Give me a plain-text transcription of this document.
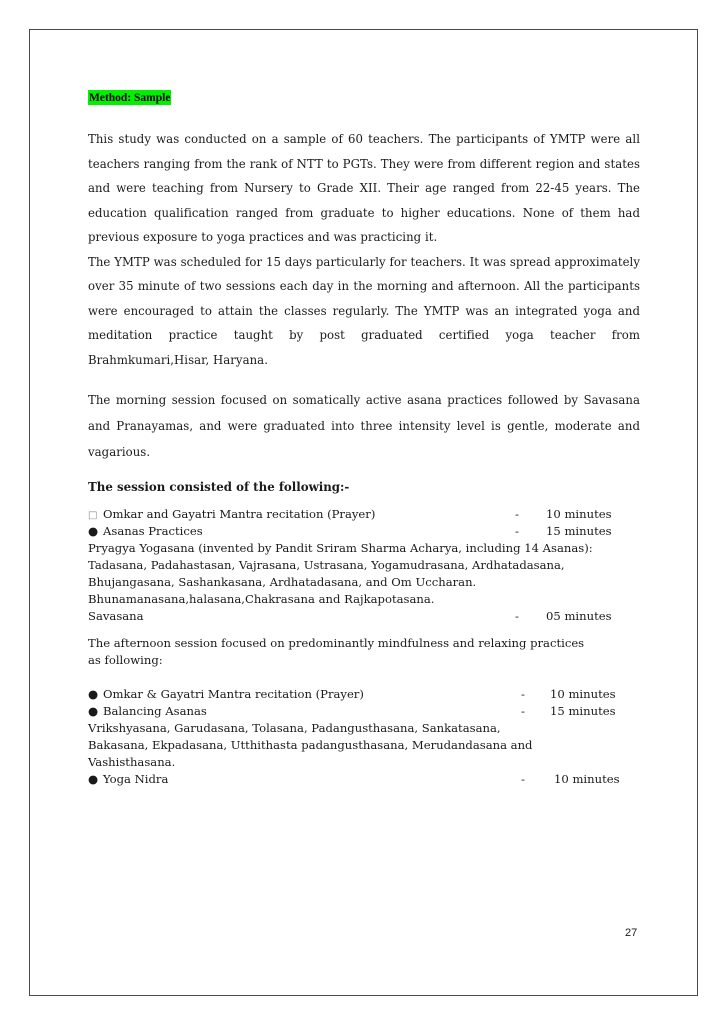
Method: Sample

This study was conducted on a sample of 60 teachers. The participants of YMTP were all teachers ranging from the rank of NTT to PGTs. They were from different region and states and were teaching from Nursery to Grade XII. Their age ranged from 22-45 years. The education qualification ranged from graduate to higher educations. None of them had previous exposure to yoga practices and was practicing it.

The YMTP was scheduled for 15 days particularly for teachers. It was spread approximately over 35 minute of two sessions each day in the morning and afternoon. All the participants were encouraged to attain the classes regularly. The YMTP was an integrated yoga and meditation practice taught by post graduated certified yoga teacher from Brahmkumari,Hisar, Haryana.

The morning session focused on somatically active asana practices followed by Savasana and Pranayamas, and were graduated into three intensity level is gentle, moderate and vagarious.

The session consisted of the following:-

□ Omkar and Gayatri Mantra recitation (Prayer)	- 10 minutes
● Asanas Practices	- 15 minutes

Pryagya Yogasana (invented by Pandit Sriram Sharma Acharya, including 14 Asanas):

Tadasana, Padahastasan, Vajrasana, Ustrasana, Yogamudrasana, Ardhatadasana,

Bhujangasana, Sashankasana, Ardhatadasana, and Om Uccharan.

Bhunamanasana,halasana,Chakrasana and Rajkapotasana.

Savasana	- 05 minutes

The afternoon session focused on predominantly mindfulness and relaxing practices as following:

● Omkar & Gayatri Mantra recitation (Prayer)	- 10 minutes
● Balancing Asanas	- 15 minutes

Vrikshyasana, Garudasana, Tolasana, Padangusthasana, Sankatasana,

Bakasana, Ekpadasana, Utthithasta padangusthasana, Merudandasana and

Vashisthasana.

● Yoga Nidra	-	10 minutes
27
